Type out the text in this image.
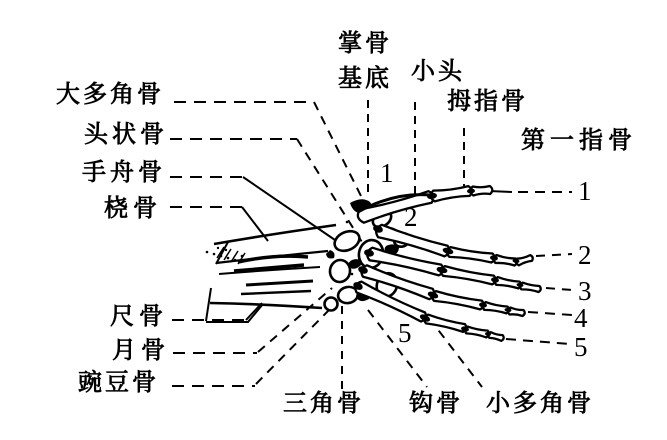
大多角骨
头状骨
手舟骨
桡骨
尺骨
月骨
豌豆骨
掌骨
基底 小头
拇指骨
第一指骨
三角骨 钩骨 小多角骨
1
2
5
1
2
3
4
5
